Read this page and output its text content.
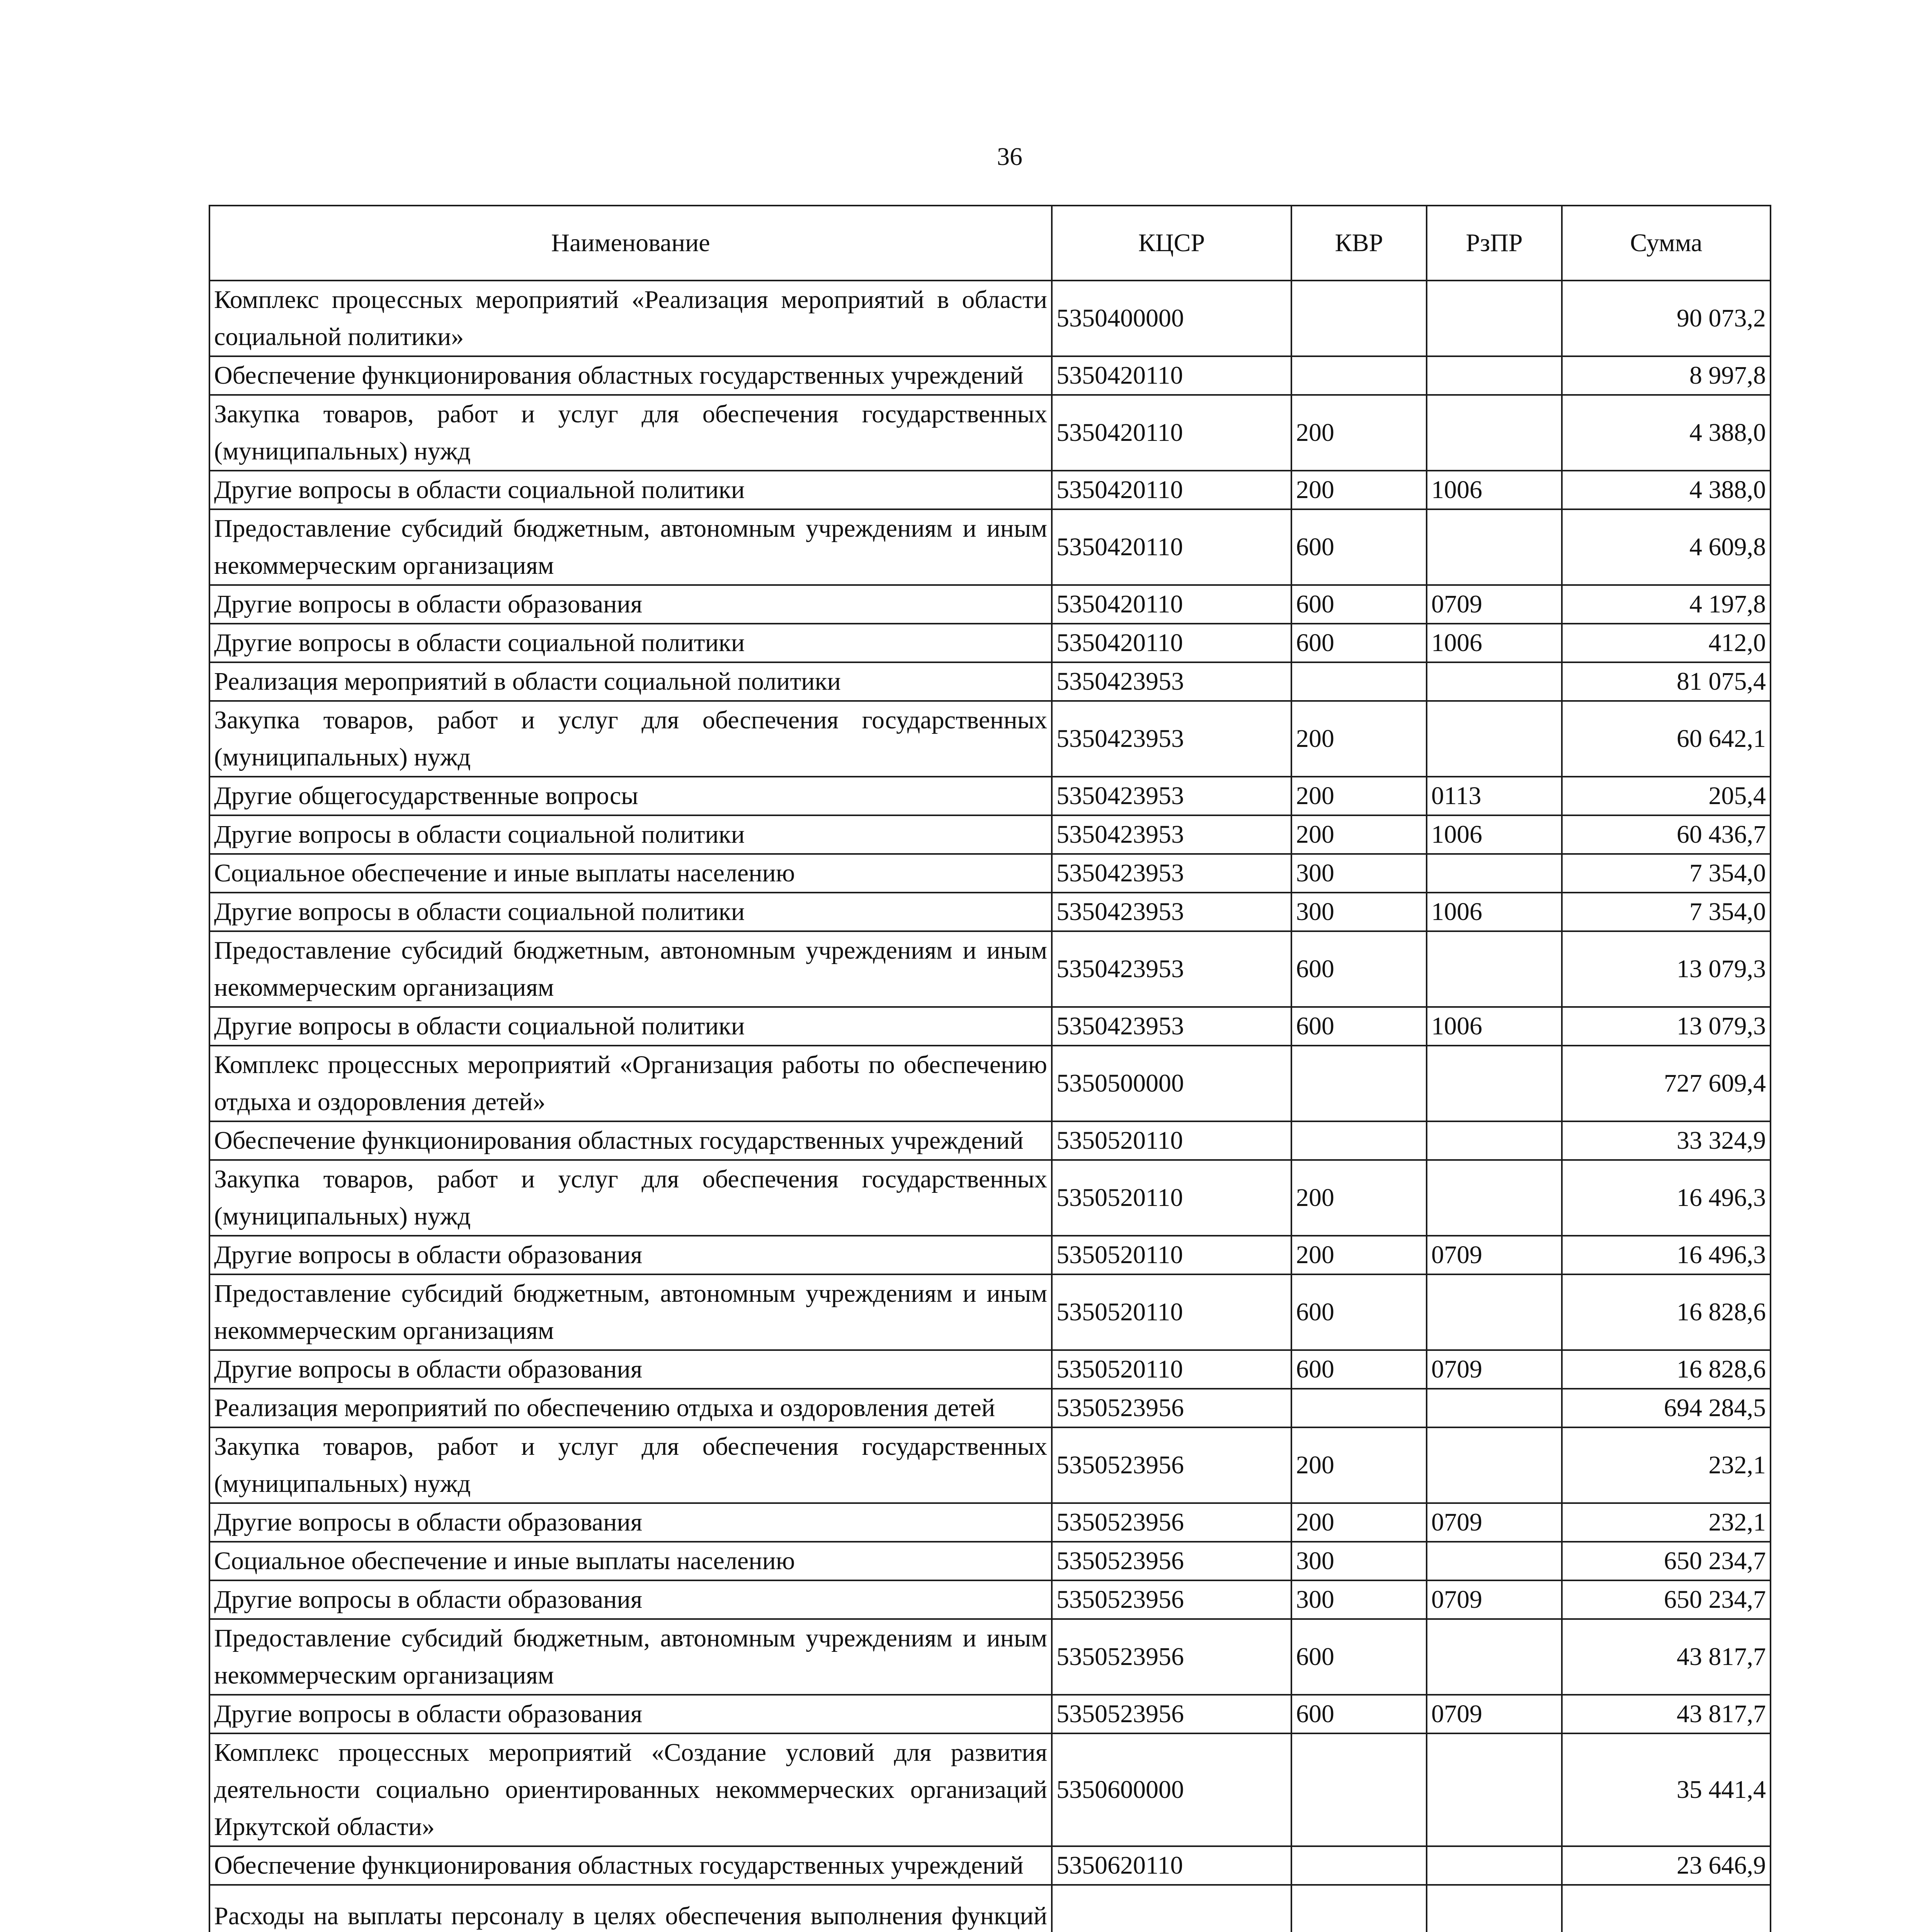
36
Наименование	КЦСР	КВР	РзПР	Сумма
Комплекс процессных мероприятий «Реализация мероприятий в области социальной политики»	5350400000			90 073,2
Обеспечение функционирования областных государственных учреждений	5350420110			8 997,8
Закупка товаров, работ и услуг для обеспечения государственных (муниципальных) нужд	5350420110	200		4 388,0
Другие вопросы в области социальной политики	5350420110	200	1006	4 388,0
Предоставление субсидий бюджетным, автономным учреждениям и иным некоммерческим организациям	5350420110	600		4 609,8
Другие вопросы в области образования	5350420110	600	0709	4 197,8
Другие вопросы в области социальной политики	5350420110	600	1006	412,0
Реализация мероприятий в области социальной политики	5350423953			81 075,4
Закупка товаров, работ и услуг для обеспечения государственных (муниципальных) нужд	5350423953	200		60 642,1
Другие общегосударственные вопросы	5350423953	200	0113	205,4
Другие вопросы в области социальной политики	5350423953	200	1006	60 436,7
Социальное обеспечение и иные выплаты населению	5350423953	300		7 354,0
Другие вопросы в области социальной политики	5350423953	300	1006	7 354,0
Предоставление субсидий бюджетным, автономным учреждениям и иным некоммерческим организациям	5350423953	600		13 079,3
Другие вопросы в области социальной политики	5350423953	600	1006	13 079,3
Комплекс процессных мероприятий «Организация работы по обеспечению отдыха и оздоровления детей»	5350500000			727 609,4
Обеспечение функционирования областных государственных учреждений	5350520110			33 324,9
Закупка товаров, работ и услуг для обеспечения государственных (муниципальных) нужд	5350520110	200		16 496,3
Другие вопросы в области образования	5350520110	200	0709	16 496,3
Предоставление субсидий бюджетным, автономным учреждениям и иным некоммерческим организациям	5350520110	600		16 828,6
Другие вопросы в области образования	5350520110	600	0709	16 828,6
Реализация мероприятий по обеспечению отдыха и оздоровления детей	5350523956			694 284,5
Закупка товаров, работ и услуг для обеспечения государственных (муниципальных) нужд	5350523956	200		232,1
Другие вопросы в области образования	5350523956	200	0709	232,1
Социальное обеспечение и иные выплаты населению	5350523956	300		650 234,7
Другие вопросы в области образования	5350523956	300	0709	650 234,7
Предоставление субсидий бюджетным, автономным учреждениям и иным некоммерческим организациям	5350523956	600		43 817,7
Другие вопросы в области образования	5350523956	600	0709	43 817,7
Комплекс процессных мероприятий «Создание условий для развития деятельности социально ориентированных некоммерческих организаций Иркутской области»	5350600000			35 441,4
Обеспечение функционирования областных государственных учреждений	5350620110			23 646,9
Расходы на выплаты персоналу в целях обеспечения выполнения функций				
